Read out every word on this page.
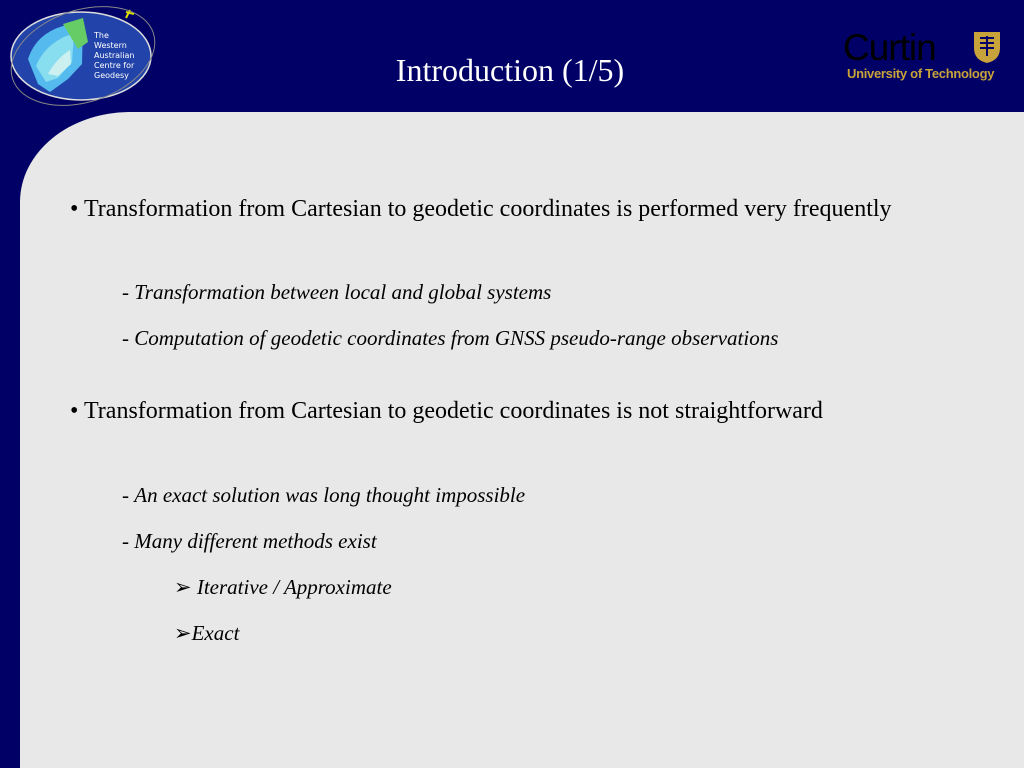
The
Western
Australian
Centre for
Geodesy	Introduction (1/5)
Curtin
University of Technology
• Transformation from Cartesian to geodetic coordinates is performed very frequently
- Transformation between local and global systems
- Computation of geodetic coordinates from GNSS pseudo-range observations
• Transformation from Cartesian to geodetic coordinates is not straightforward
- An exact solution was long thought impossible
- Many different methods exist
➢ Iterative / Approximate
➢Exact
